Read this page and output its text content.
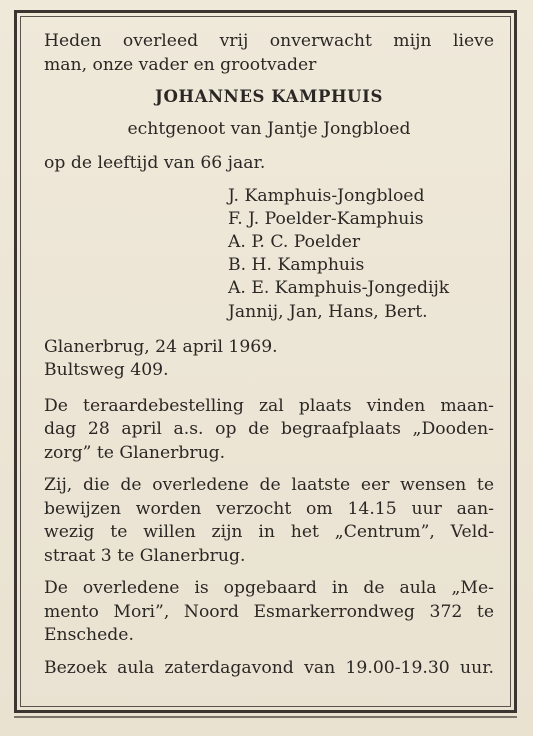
Heden overleed vrij onverwacht mijn lieve
man, onze vader en grootvader
JOHANNES KAMPHUIS
echtgenoot van Jantje Jongbloed
op de leeftijd van 66 jaar.
J. Kamphuis-Jongbloed
F. J. Poelder-Kamphuis
A. P. C. Poelder
B. H. Kamphuis
A. E. Kamphuis-Jongedijk
Jannij, Jan, Hans, Bert.
Glanerbrug, 24 april 1969.
Bultsweg 409.
De teraardebestelling zal plaats vinden maan-
dag 28 april a.s. op de begraafplaats „Dooden-
zorg” te Glanerbrug.
Zij, die de overledene de laatste eer wensen te
bewijzen worden verzocht om 14.15 uur aan-
wezig te willen zijn in het „Centrum”, Veld-
straat 3 te Glanerbrug.
De overledene is opgebaard in de aula „Me-
mento Mori”, Noord Esmarkerrondweg 372 te
Enschede.
Bezoek aula zaterdagavond van 19.00-19.30 uur.
